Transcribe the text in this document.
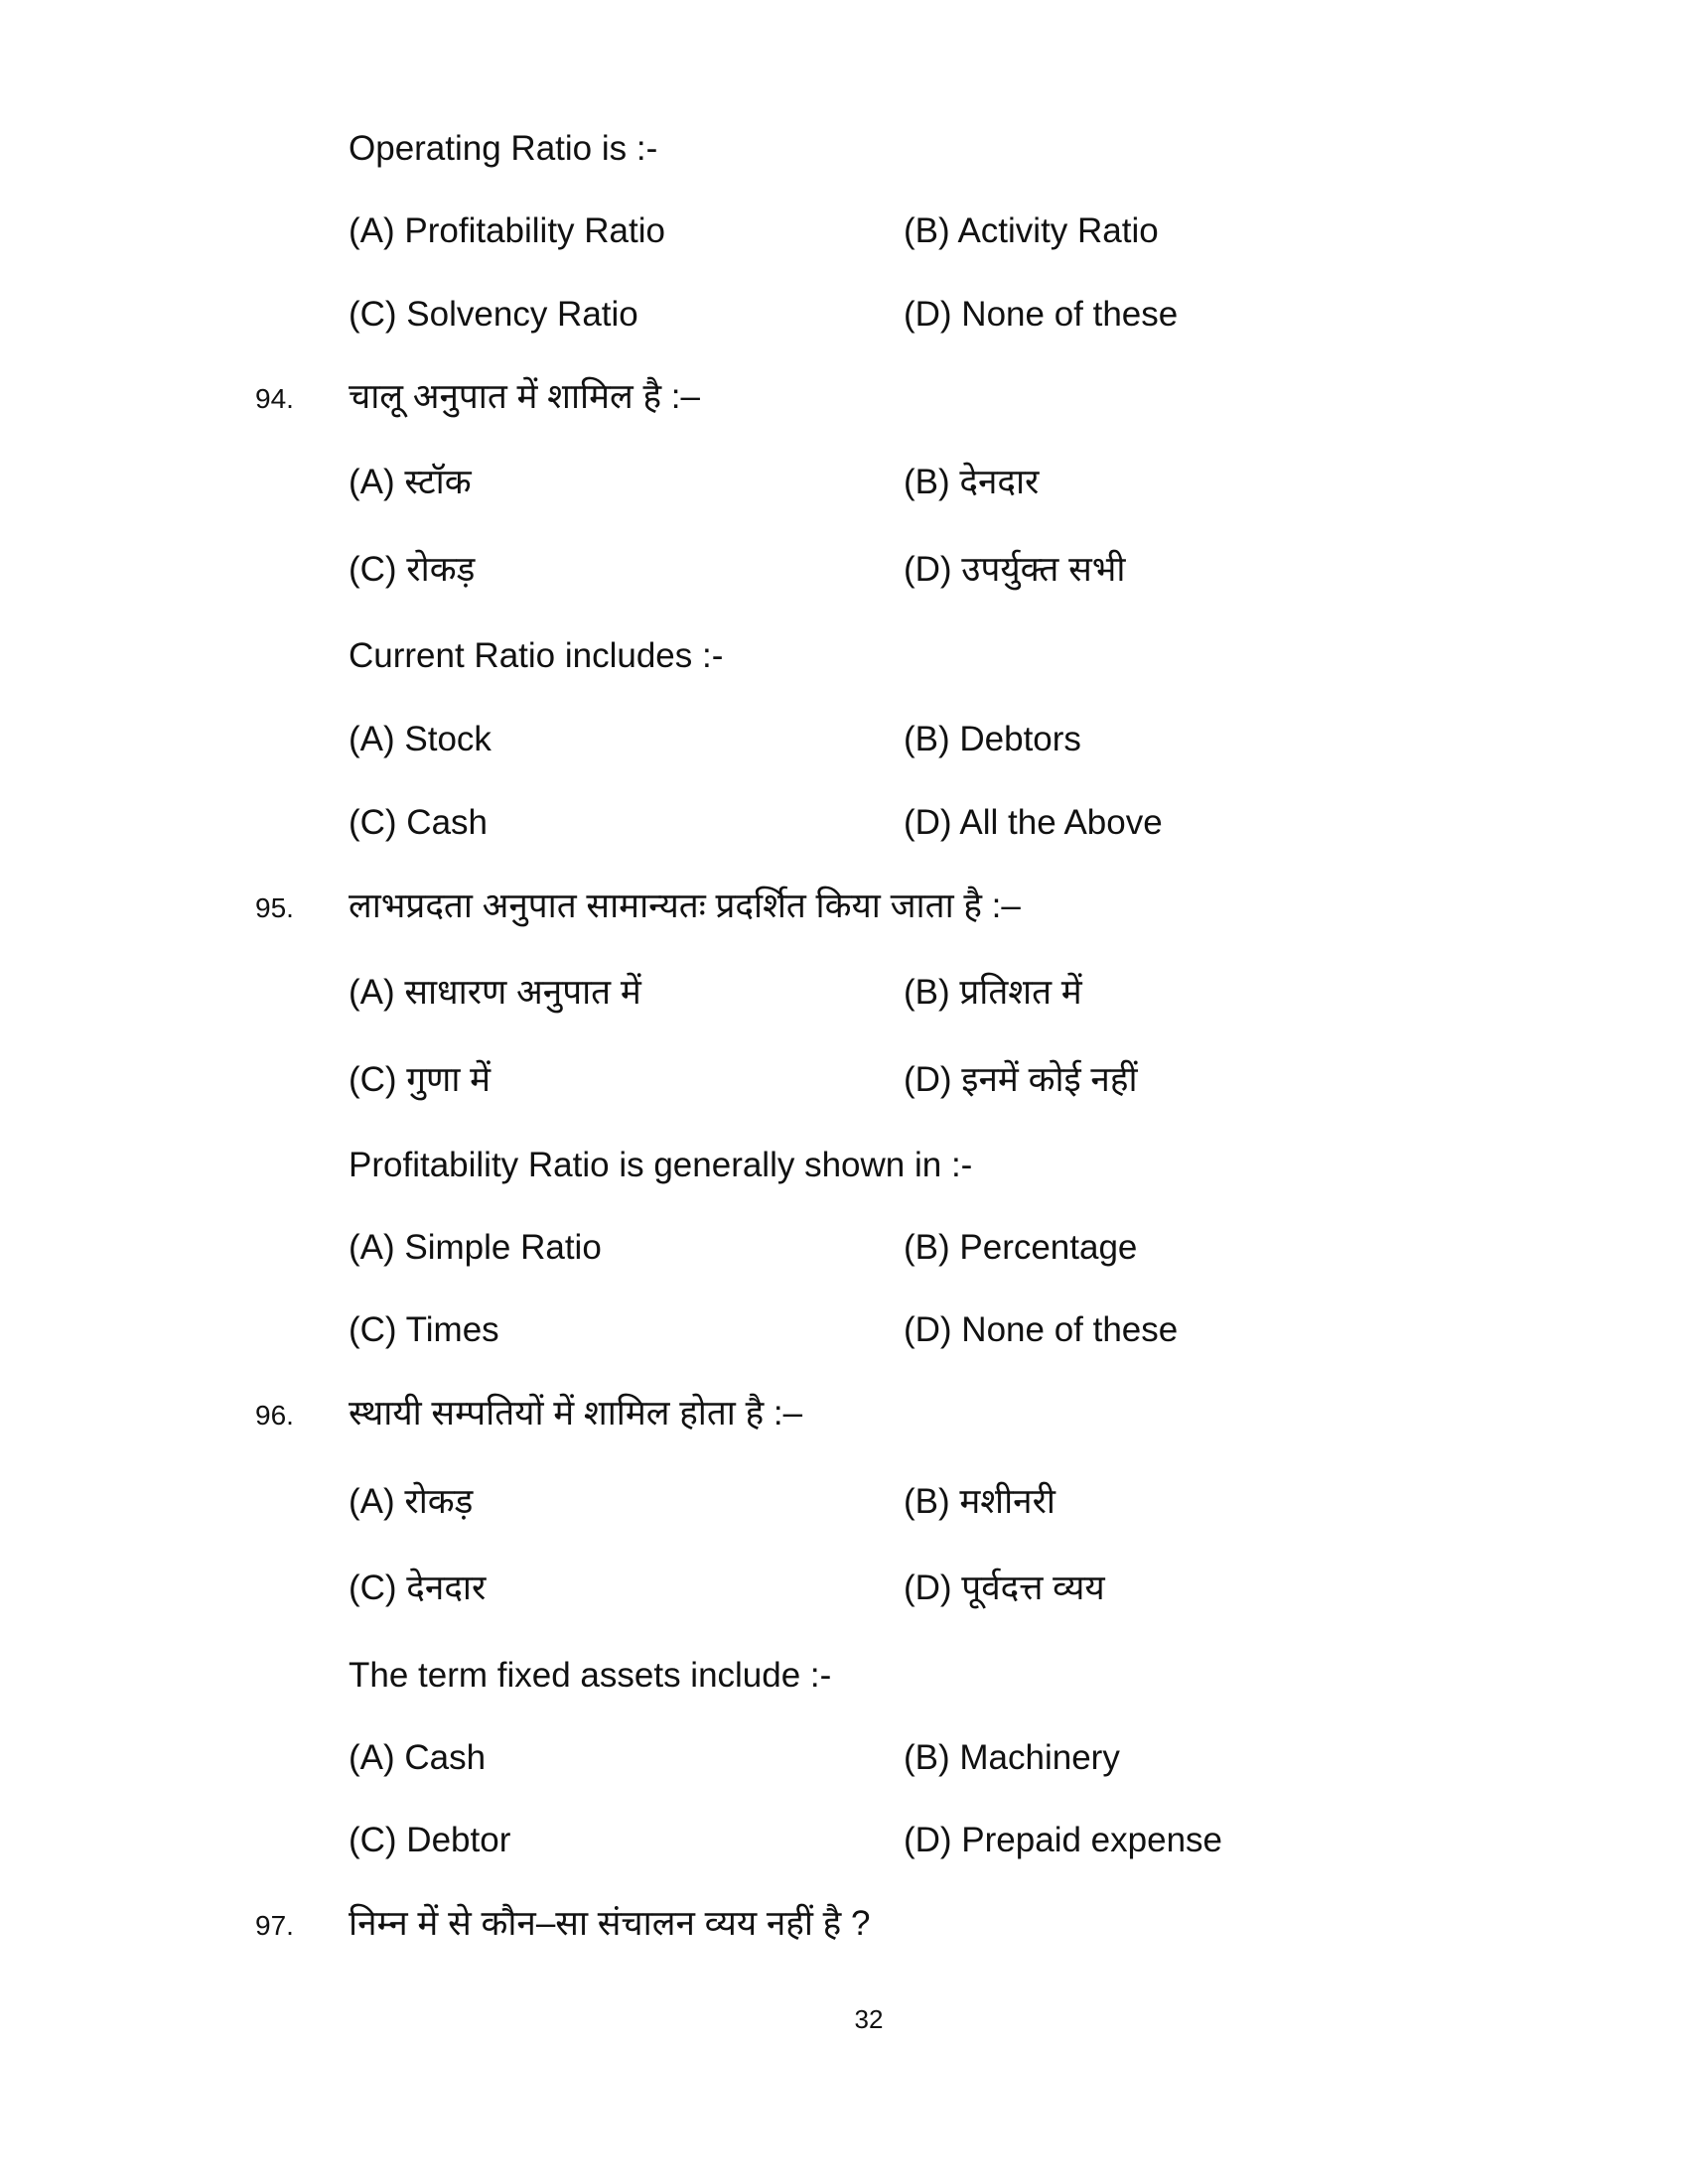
Operating Ratio is :-
(A) Profitability Ratio	(B) Activity Ratio
(C) Solvency Ratio	(D) None of these
94. चालू अनुपात में शामिल है :–
(A) स्टॉक	(B) देनदार
(C) रोकड़	(D) उपर्युक्त सभी
Current Ratio includes :-
(A) Stock	(B) Debtors
(C) Cash	(D) All the Above
95. लाभप्रदता अनुपात सामान्यतः प्रदर्शित किया जाता है :–
(A) साधारण अनुपात में	(B) प्रतिशत में
(C) गुणा में	(D) इनमें कोई नहीं
Profitability Ratio is generally shown in :-
(A) Simple Ratio	(B) Percentage
(C) Times	(D) None of these
96. स्थायी सम्पतियों में शामिल होता है :–
(A) रोकड़	(B) मशीनरी
(C) देनदार	(D) पूर्वदत्त व्यय
The term fixed assets include :-
(A) Cash	(B) Machinery
(C) Debtor	(D) Prepaid expense
97. निम्न में से कौन–सा संचालन व्यय नहीं है ?
32
